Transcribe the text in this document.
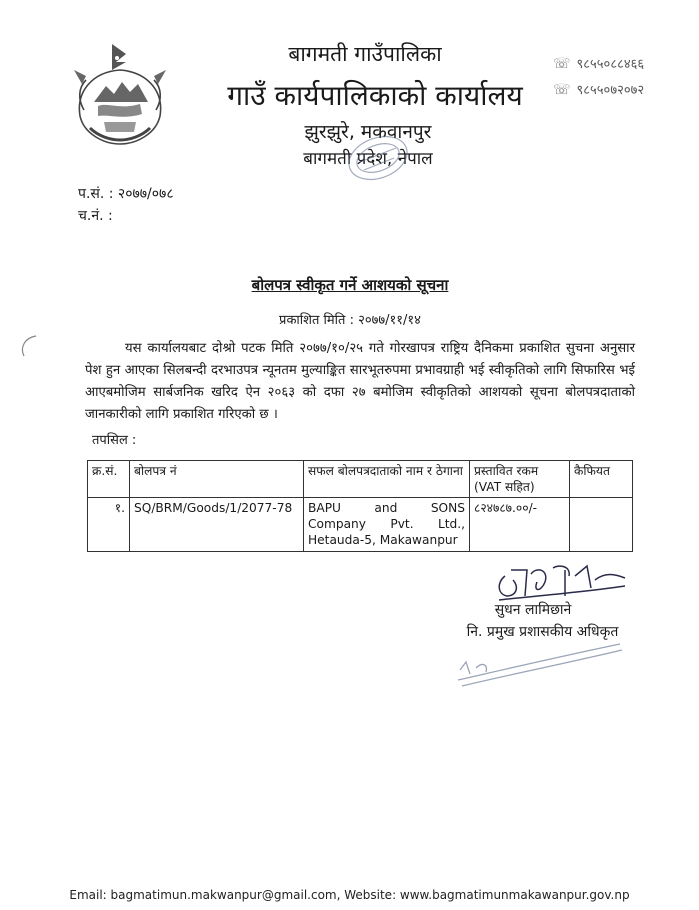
बागमती गाउँपालिका
गाउँ कार्यपालिकाको कार्यालय
झुरझुरे, मकवानपुर
बागमती प्रदेश, नेपाल
☏ ९८५५०८८४६६
☏ ९८५५०७२०७२
प.सं. : २०७७/०७८
च.नं. :
बोलपत्र स्वीकृत गर्ने आशयको सूचना
प्रकाशित मिति : २०७७/११/१४
यस कार्यालयबाट दोश्रो पटक मिति २०७७/१०/२५ गते गोरखापत्र राष्ट्रिय दैनिकमा प्रकाशित सुचना अनुसार पेश हुन आएका सिलबन्दी दरभाउपत्र न्यूनतम मुल्याङ्कित सारभूतरुपमा प्रभावग्राही भई स्वीकृतिको लागि सिफारिस भई आएबमोजिम सार्बजनिक खरिद ऐन २०६३ को दफा २७ बमोजिम स्वीकृतिको आशयको सूचना बोलपत्रदाताको जानकारीको लागि प्रकाशित गरिएको छ ।
तपसिल :
क्र.सं.	बोलपत्र नं	सफल बोलपत्रदाताको नाम र ठेगाना	प्रस्तावित रकम (VAT सहित)	कैफियत
१.	SQ/BRM/Goods/1/2077-78	BAPU and SONS Company Pvt. Ltd., Hetauda-5, Makawanpur	८२४७८७.००/-	
सुधन लामिछाने
नि. प्रमुख प्रशासकीय अधिकृत
Email: bagmatimun.makwanpur@gmail.com, Website: www.bagmatimunmakawanpur.gov.np
